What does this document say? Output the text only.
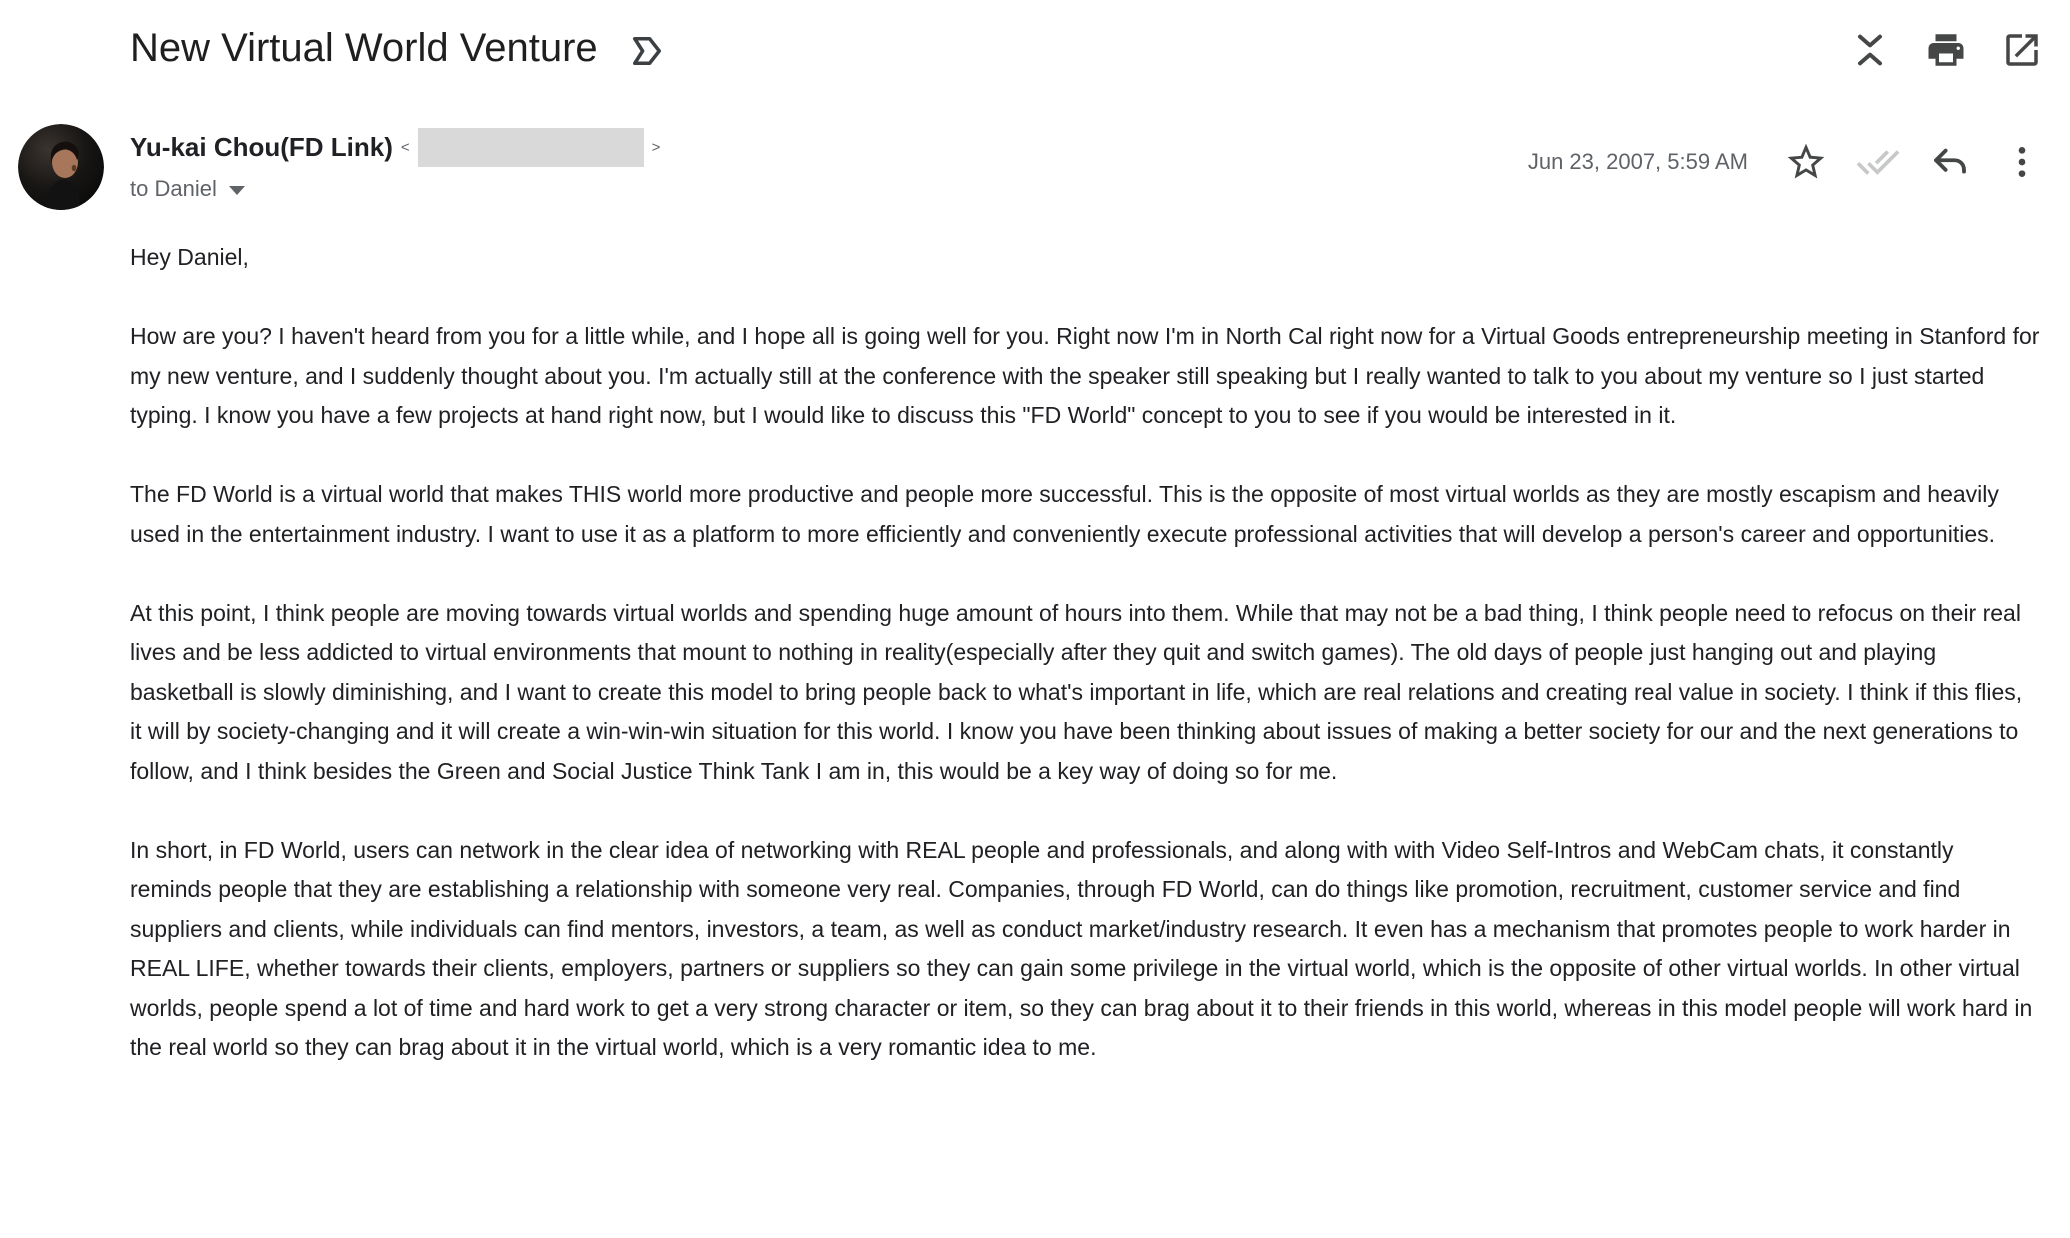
New Virtual World Venture
Yu-kai Chou(FD Link) <	>
to Daniel
Jun 23, 2007, 5:59 AM
Hey Daniel,
How are you? I haven't heard from you for a little while, and I hope all is going well for you. Right now I'm in North Cal right now for a Virtual Goods entrepreneurship meeting in Stanford for my new venture, and I suddenly thought about you. I'm actually still at the conference with the speaker still speaking but I really wanted to talk to you about my venture so I just started typing. I know you have a few projects at hand right now, but I would like to discuss this "FD World" concept to you to see if you would be interested in it.
The FD World is a virtual world that makes THIS world more productive and people more successful. This is the opposite of most virtual worlds as they are mostly escapism and heavily used in the entertainment industry. I want to use it as a platform to more efficiently and conveniently execute professional activities that will develop a person's career and opportunities.
At this point, I think people are moving towards virtual worlds and spending huge amount of hours into them. While that may not be a bad thing, I think people need to refocus on their real lives and be less addicted to virtual environments that mount to nothing in reality(especially after they quit and switch games). The old days of people just hanging out and playing basketball is slowly diminishing, and I want to create this model to bring people back to what's important in life, which are real relations and creating real value in society. I think if this flies, it will by society-changing and it will create a win-win-win situation for this world. I know you have been thinking about issues of making a better society for our and the next generations to follow, and I think besides the Green and Social Justice Think Tank I am in, this would be a key way of doing so for me.
In short, in FD World, users can network in the clear idea of networking with REAL people and professionals, and along with with Video Self-Intros and WebCam chats, it constantly reminds people that they are establishing a relationship with someone very real. Companies, through FD World, can do things like promotion, recruitment, customer service and find suppliers and clients, while individuals can find mentors, investors, a team, as well as conduct market/industry research. It even has a mechanism that promotes people to work harder in REAL LIFE, whether towards their clients, employers, partners or suppliers so they can gain some privilege in the virtual world, which is the opposite of other virtual worlds. In other virtual worlds, people spend a lot of time and hard work to get a very strong character or item, so they can brag about it to their friends in this world, whereas in this model people will work hard in the real world so they can brag about it in the virtual world, which is a very romantic idea to me.
